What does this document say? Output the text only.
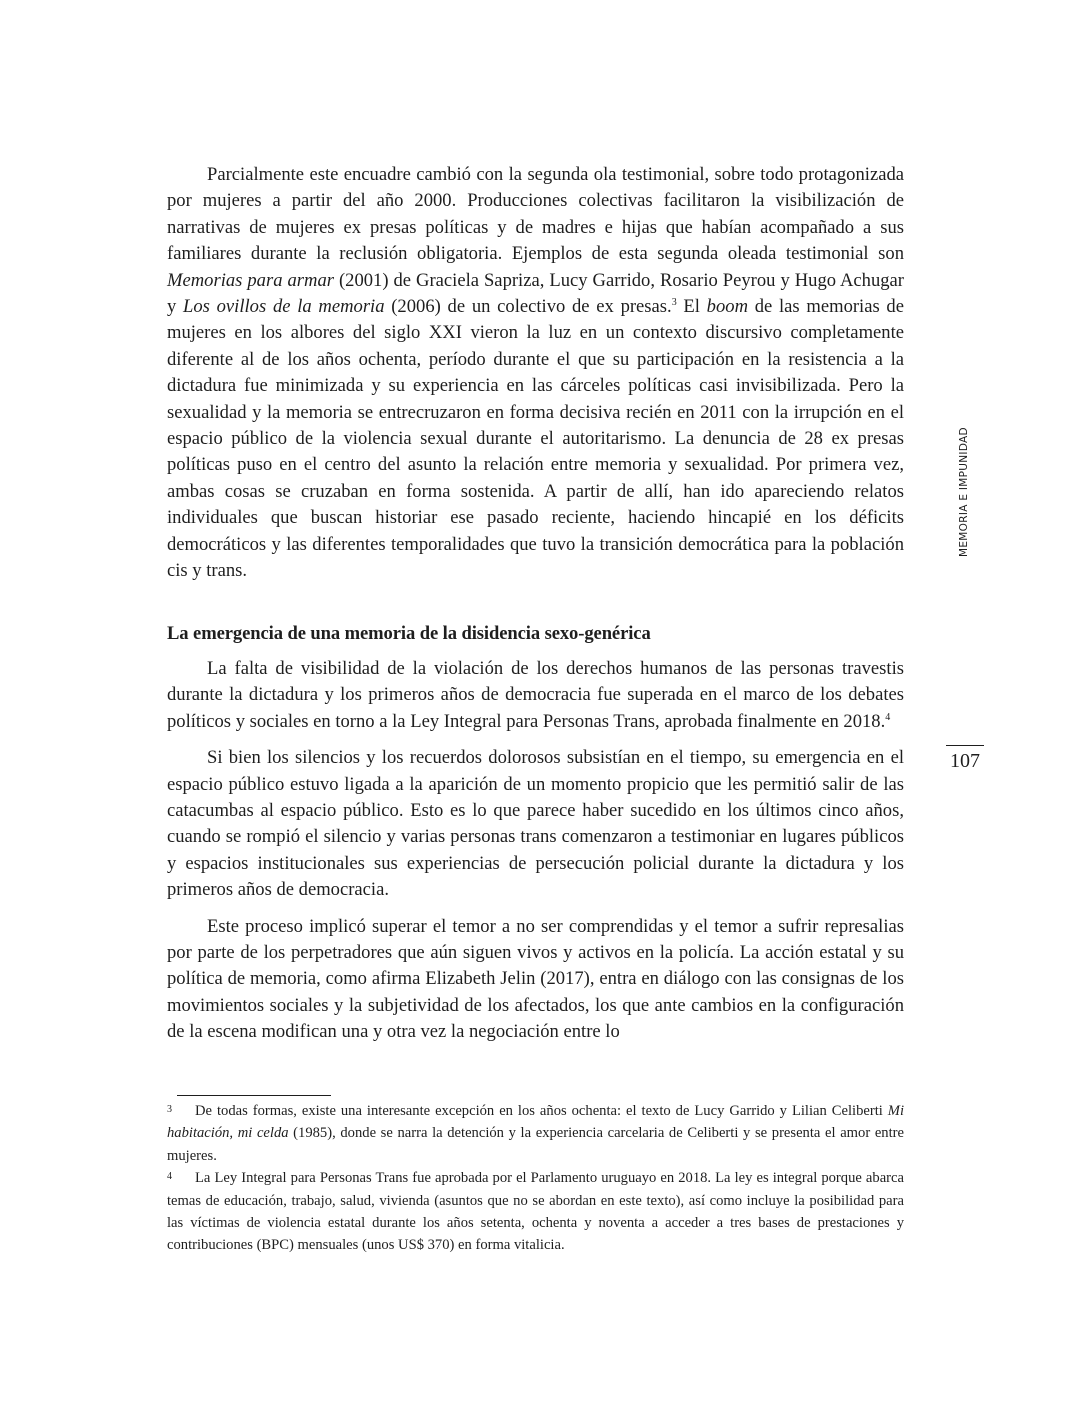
Parcialmente este encuadre cambió con la segunda ola testimonial, sobre todo protagonizada por mujeres a partir del año 2000. Producciones colectivas facilitaron la visibilización de narrativas de mujeres ex presas políticas y de madres e hijas que habían acompañado a sus familiares durante la reclusión obligatoria. Ejemplos de esta segunda oleada testimonial son Memorias para armar (2001) de Graciela Sapriza, Lucy Garrido, Rosario Peyrou y Hugo Achugar y Los ovillos de la memoria (2006) de un colectivo de ex presas.$^3$ El boom de las memorias de mujeres en los albores del siglo XXI vieron la luz en un contexto discursivo completamente diferente al de los años ochenta, período durante el que su participación en la resistencia a la dictadura fue minimizada y su experiencia en las cárceles políticas casi invisibilizada. Pero la sexualidad y la memoria se entrecruzaron en forma decisiva recién en 2011 con la irrupción en el espacio público de la violencia sexual durante el autoritarismo. La denuncia de 28 ex presas políticas puso en el centro del asunto la relación entre memoria y sexualidad. Por primera vez, ambas cosas se cruzaban en forma sostenida. A partir de allí, han ido apareciendo relatos individuales que buscan historiar ese pasado reciente, haciendo hincapié en los déficits democráticos y las diferentes temporalidades que tuvo la transición democrática para la población cis y trans.

La emergencia de una memoria de la disidencia sexo-genérica

La falta de visibilidad de la violación de los derechos humanos de las personas travestis durante la dictadura y los primeros años de democracia fue superada en el marco de los debates políticos y sociales en torno a la Ley Integral para Personas Trans, aprobada finalmente en 2018.$^4$

Si bien los silencios y los recuerdos dolorosos subsistían en el tiempo, su emergencia en el espacio público estuvo ligada a la aparición de un momento propicio que les permitió salir de las catacumbas al espacio público. Esto es lo que parece haber sucedido en los últimos cinco años, cuando se rompió el silencio y varias personas trans comenzaron a testimoniar en lugares públicos y espacios institucionales sus experiencias de persecución policial durante la dictadura y los primeros años de democracia.

Este proceso implicó superar el temor a no ser comprendidas y el temor a sufrir represalias por parte de los perpetradores que aún siguen vivos y activos en la policía. La acción estatal y su política de memoria, como afirma Elizabeth Jelin (2017), entra en diálogo con las consignas de los movimientos sociales y la subjetividad de los afectados, los que ante cambios en la configuración de la escena modifican una y otra vez la negociación entre lo

3 De todas formas, existe una interesante excepción en los años ochenta: el texto de Lucy Garrido y Lilian Celiberti Mi habitación, mi celda (1985), donde se narra la detención y la experiencia carcelaria de Celiberti y se presenta el amor entre mujeres.

4 La Ley Integral para Personas Trans fue aprobada por el Parlamento uruguayo en 2018. La ley es integral porque abarca temas de educación, trabajo, salud, vivienda (asuntos que no se abordan en este texto), así como incluye la posibilidad para las víctimas de violencia estatal durante los años setenta, ochenta y noventa a acceder a tres bases de prestaciones y contribuciones (BPC) mensuales (unos US$ 370) en forma vitalicia.

MEMORIA E IMPUNIDAD
107
